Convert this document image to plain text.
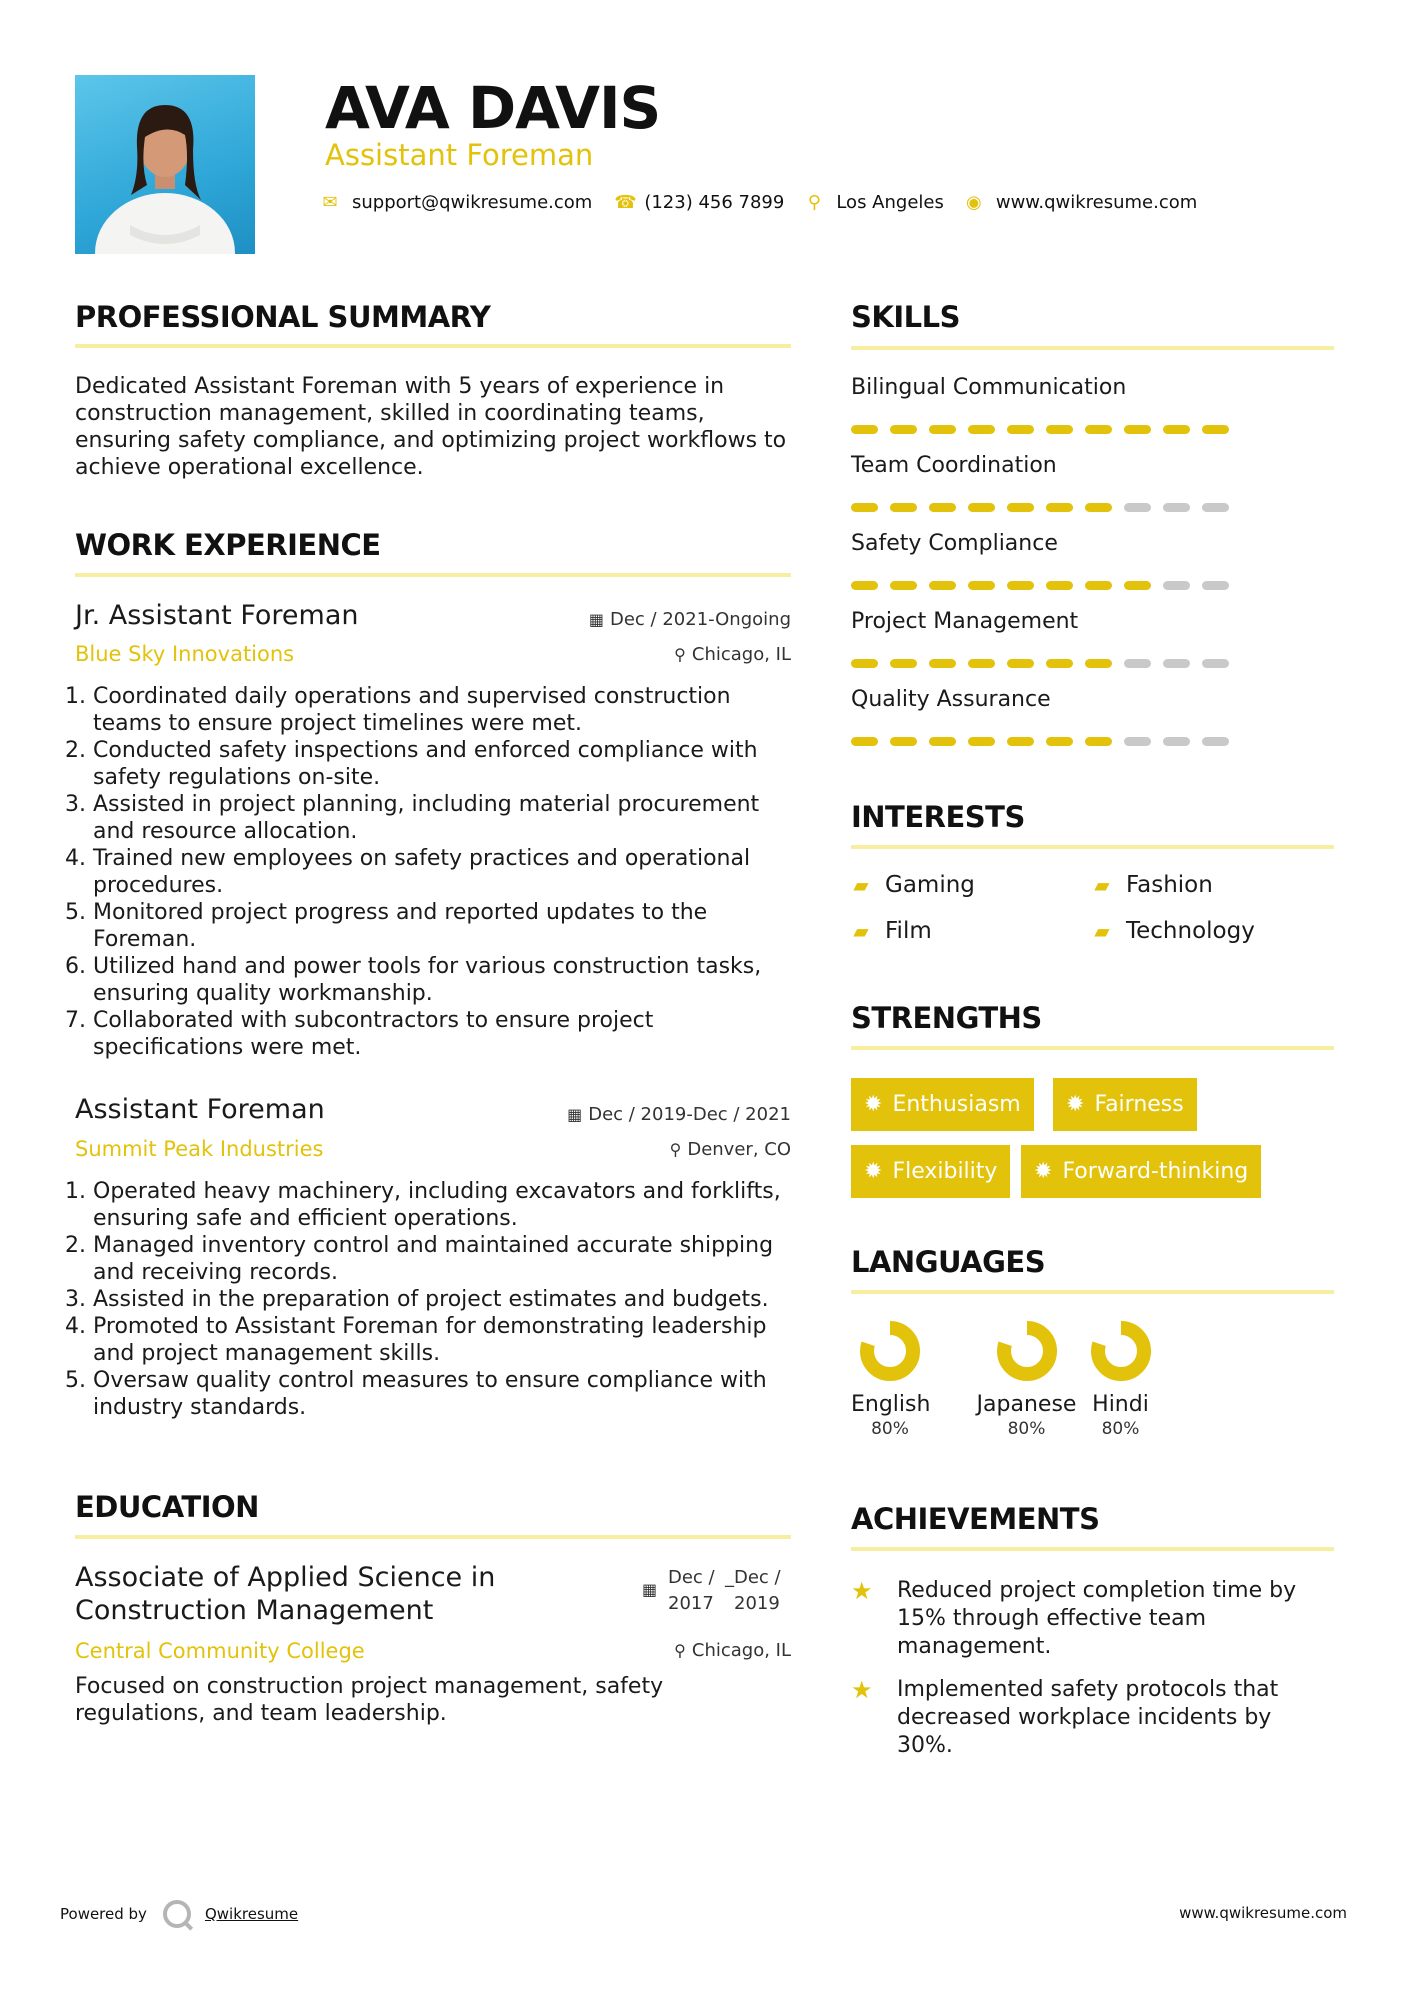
AVA DAVIS
Assistant Foreman
✉ support@qwikresume.com ☎ (123) 456 7899 ⚲ Los Angeles ◉ www.qwikresume.com
PROFESSIONAL SUMMARY
Dedicated Assistant Foreman with 5 years of experience in construction management, skilled in coordinating teams, ensuring safety compliance, and optimizing project workflows to achieve operational excellence.
WORK EXPERIENCE
Jr. Assistant Foreman	▦ Dec / 2021-Ongoing
Blue Sky Innovations	⚲ Chicago, IL
1. Coordinated daily operations and supervised construction teams to ensure project timelines were met.
2. Conducted safety inspections and enforced compliance with safety regulations on-site.
3. Assisted in project planning, including material procurement and resource allocation.
4. Trained new employees on safety practices and operational procedures.
5. Monitored project progress and reported updates to the Foreman.
6. Utilized hand and power tools for various construction tasks, ensuring quality workmanship.
7. Collaborated with subcontractors to ensure project specifications were met.
Assistant Foreman	▦ Dec / 2019-Dec / 2021
Summit Peak Industries	⚲ Denver, CO
1. Operated heavy machinery, including excavators and forklifts, ensuring safe and efficient operations.
2. Managed inventory control and maintained accurate shipping and receiving records.
3. Assisted in the preparation of project estimates and budgets.
4. Promoted to Assistant Foreman for demonstrating leadership and project management skills.
5. Oversaw quality control measures to ensure compliance with industry standards.
EDUCATION
Associate of Applied Science in
Construction Management
▦
Dec /
2017
_ Dec /
2019
Central Community College	⚲ Chicago, IL
Focused on construction project management, safety regulations, and team leadership.
SKILLS
Bilingual Communication
Team Coordination
Safety Compliance
Project Management
Quality Assurance
INTERESTS
▰ Gaming	▰ Fashion
▰ Film	▰ Technology
STRENGTHS
✹ Enthusiasm ✹ Fairness
✹ Flexibility ✹ Forward-thinking
LANGUAGES
English
80%
Japanese
80%
Hindi
80%
ACHIEVEMENTS
★	Reduced project completion time by 15% through effective team management.
★	Implemented safety protocols that decreased workplace incidents by 30%.
Powered by	Qwikresume	www.qwikresume.com
